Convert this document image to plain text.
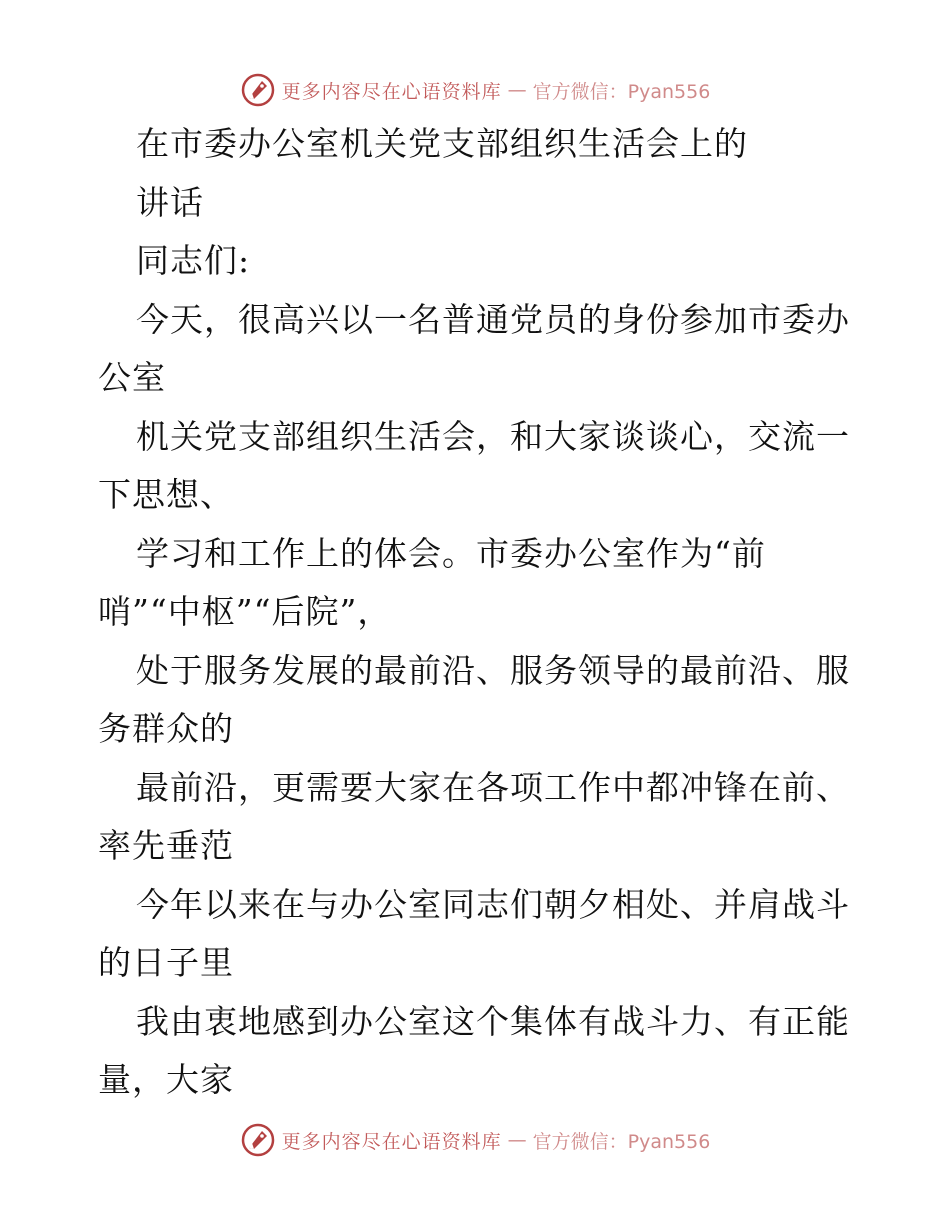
更多内容尽在心语资料库 — 官方微信：Pyan556
在市委办公室机关党支部组织生活会上的
讲话
同志们:
今天，很高兴以一名普通党员的身份参加市委办
公室
机关党支部组织生活会，和大家谈谈心，交流一
下思想、
学习和工作上的体会。市委办公室作为“前
哨”“中枢”“后院”，
处于服务发展的最前沿、服务领导的最前沿、服
务群众的
最前沿，更需要大家在各项工作中都冲锋在前、
率先垂范
今年以来在与办公室同志们朝夕相处、并肩战斗
的日子里
我由衷地感到办公室这个集体有战斗力、有正能
量，大家
更多内容尽在心语资料库 — 官方微信：Pyan556
